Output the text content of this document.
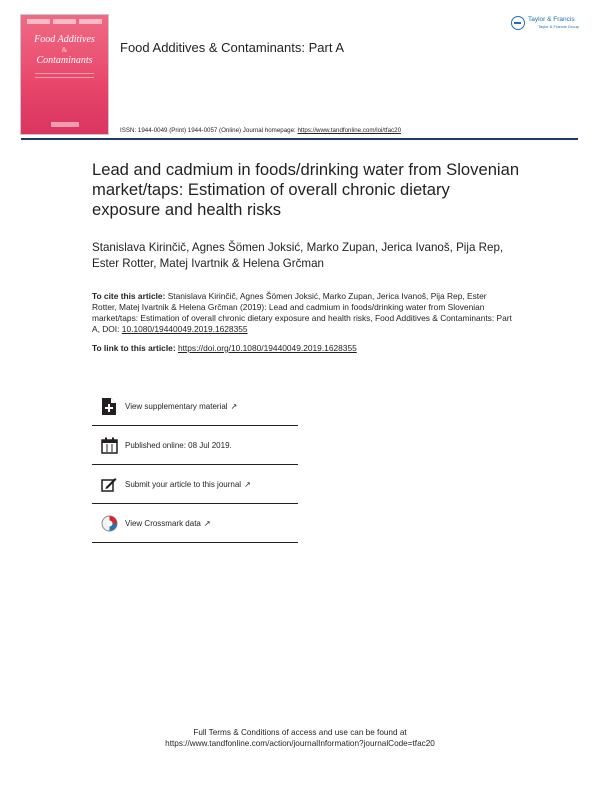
Food Additives
&
Contaminants
Food Additives & Contaminants: Part A
Taylor & Francis
Taylor & Francis Group
ISSN: 1944-0049 (Print) 1944-0057 (Online) Journal homepage: https://www.tandfonline.com/loi/tfac20
Lead and cadmium in foods/drinking water from Slovenian market/taps: Estimation of overall chronic dietary exposure and health risks
Stanislava Kirinčič, Agnes Šömen Joksić, Marko Zupan, Jerica Ivanoš, Pija Rep, Ester Rotter, Matej Ivartnik & Helena Grčman
To cite this article: Stanislava Kirinčič, Agnes Šömen Joksić, Marko Zupan, Jerica Ivanoš, Pija Rep, Ester Rotter, Matej Ivartnik & Helena Grčman (2019): Lead and cadmium in foods/drinking water from Slovenian market/taps: Estimation of overall chronic dietary exposure and health risks, Food Additives & Contaminants: Part A, DOI: 10.1080/19440049.2019.1628355
To link to this article: https://doi.org/10.1080/19440049.2019.1628355
View supplementary material ↗
Published online: 08 Jul 2019.
Submit your article to this journal ↗
View Crossmark data ↗
Full Terms & Conditions of access and use can be found at
https://www.tandfonline.com/action/journalInformation?journalCode=tfac20
